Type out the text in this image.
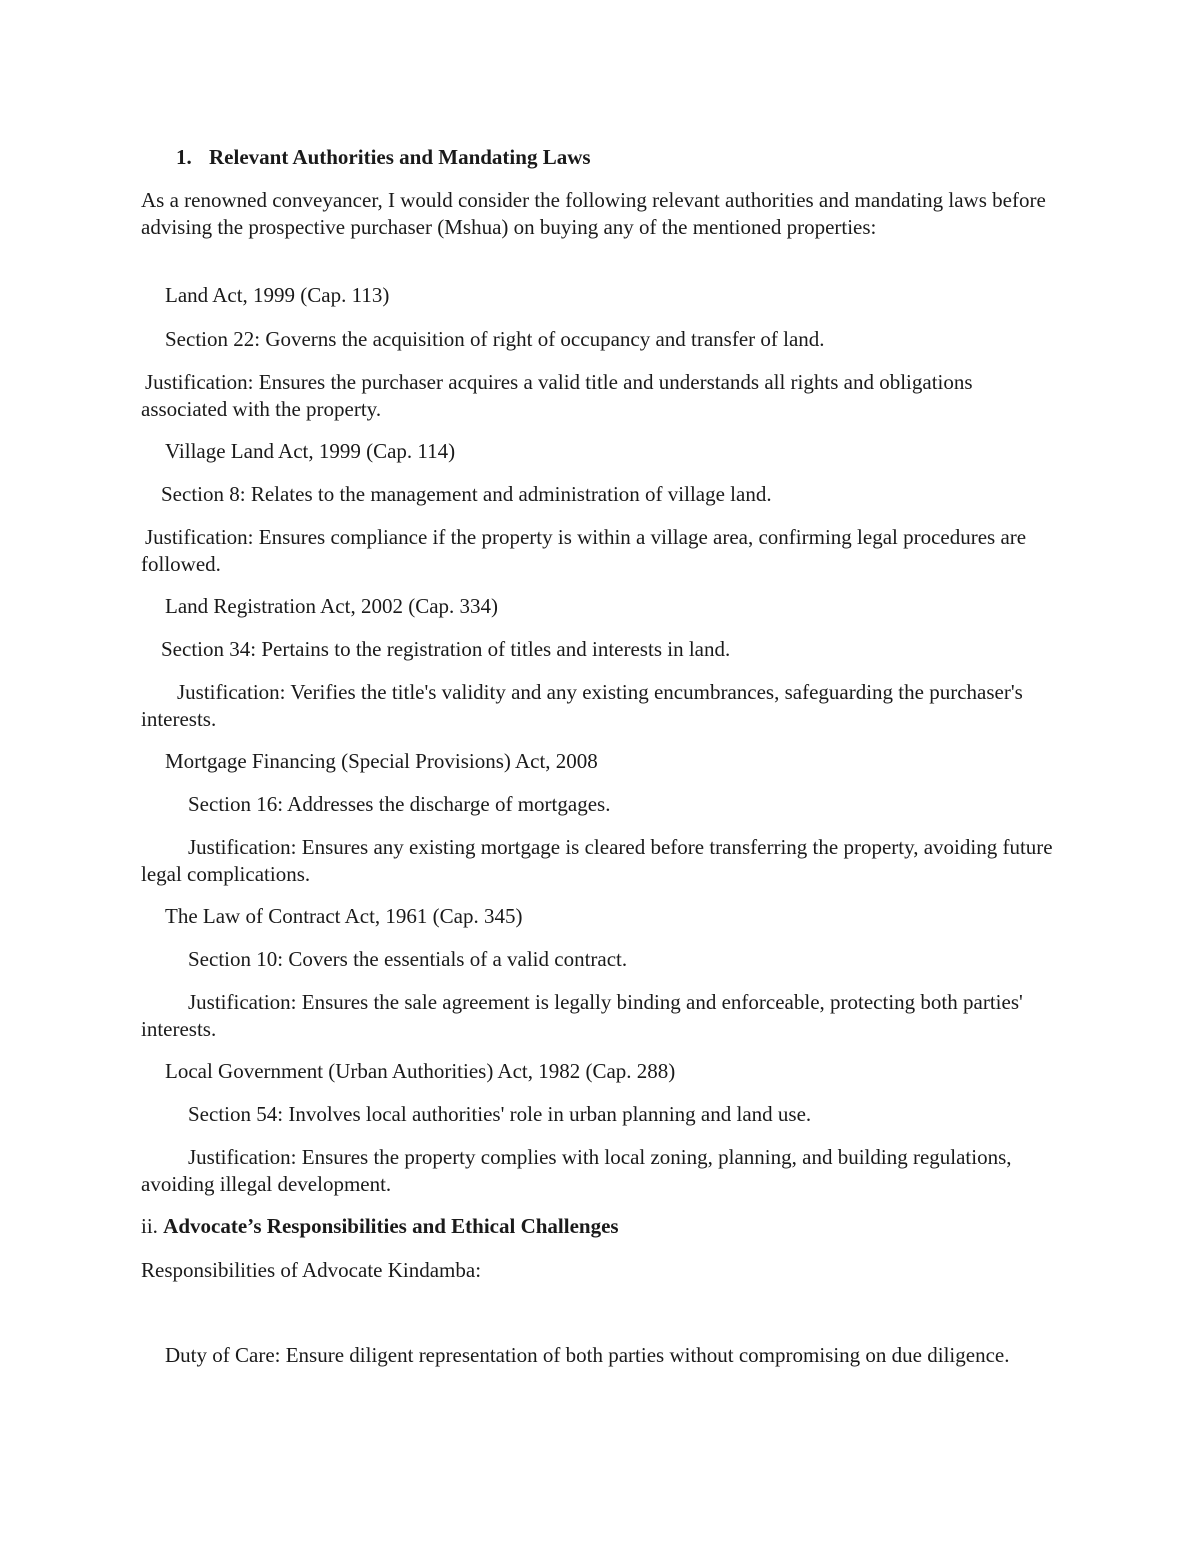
1. Relevant Authorities and Mandating Laws

As a renowned conveyancer, I would consider the following relevant authorities and mandating laws before advising the prospective purchaser (Mshua) on buying any of the mentioned properties:

Land Act, 1999 (Cap. 113)

Section 22: Governs the acquisition of right of occupancy and transfer of land.

Justification: Ensures the purchaser acquires a valid title and understands all rights and obligations associated with the property.

Village Land Act, 1999 (Cap. 114)

Section 8: Relates to the management and administration of village land.

Justification: Ensures compliance if the property is within a village area, confirming legal procedures are followed.

Land Registration Act, 2002 (Cap. 334)

Section 34: Pertains to the registration of titles and interests in land.

Justification: Verifies the title's validity and any existing encumbrances, safeguarding the purchaser's interests.

Mortgage Financing (Special Provisions) Act, 2008

Section 16: Addresses the discharge of mortgages.

Justification: Ensures any existing mortgage is cleared before transferring the property, avoiding future legal complications.

The Law of Contract Act, 1961 (Cap. 345)

Section 10: Covers the essentials of a valid contract.

Justification: Ensures the sale agreement is legally binding and enforceable, protecting both parties' interests.

Local Government (Urban Authorities) Act, 1982 (Cap. 288)

Section 54: Involves local authorities' role in urban planning and land use.

Justification: Ensures the property complies with local zoning, planning, and building regulations, avoiding illegal development.

ii. Advocate’s Responsibilities and Ethical Challenges

Responsibilities of Advocate Kindamba:

Duty of Care: Ensure diligent representation of both parties without compromising on due diligence.
